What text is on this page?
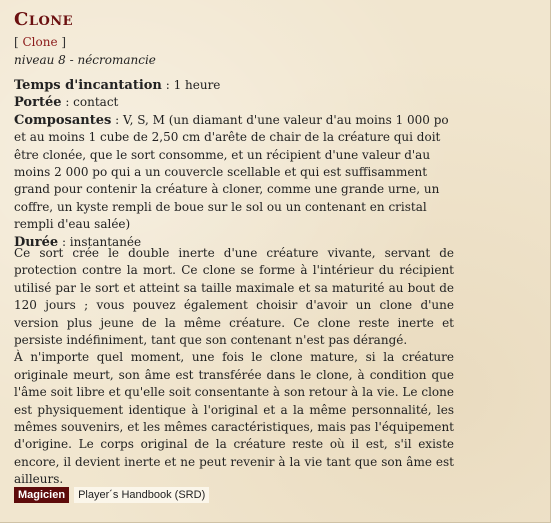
Clone
[ Clone ]
niveau 8 - nécromancie
Temps d'incantation : 1 heure
Portée : contact
Composantes : V, S, M (un diamant d'une valeur d'au moins 1 000 po et au moins 1 cube de 2,50 cm d'arête de chair de la créature qui doit être clonée, que le sort consomme, et un récipient d'une valeur d'au moins 2 000 po qui a un couvercle scellable et qui est suffisamment grand pour contenir la créature à cloner, comme une grande urne, un coffre, un kyste rempli de boue sur le sol ou un contenant en cristal rempli d'eau salée)
Durée : instantanée

Ce sort crée le double inerte d'une créature vivante, servant de protection contre la mort. Ce clone se forme à l'intérieur du récipient utilisé par le sort et atteint sa taille maximale et sa maturité au bout de 120 jours ; vous pouvez également choisir d'avoir un clone d'une version plus jeune de la même créature. Ce clone reste inerte et persiste indéfiniment, tant que son contenant n'est pas dérangé.

À n'importe quel moment, une fois le clone mature, si la créature originale meurt, son âme est transférée dans le clone, à condition que l'âme soit libre et qu'elle soit consentante à son retour à la vie. Le clone est physiquement identique à l'original et a la même personnalité, les mêmes souvenirs, et les mêmes caractéristiques, mais pas l'équipement d'origine. Le corps original de la créature reste où il est, s'il existe encore, il devient inerte et ne peut revenir à la vie tant que son âme est ailleurs.

Magicien	Player´s Handbook (SRD)
